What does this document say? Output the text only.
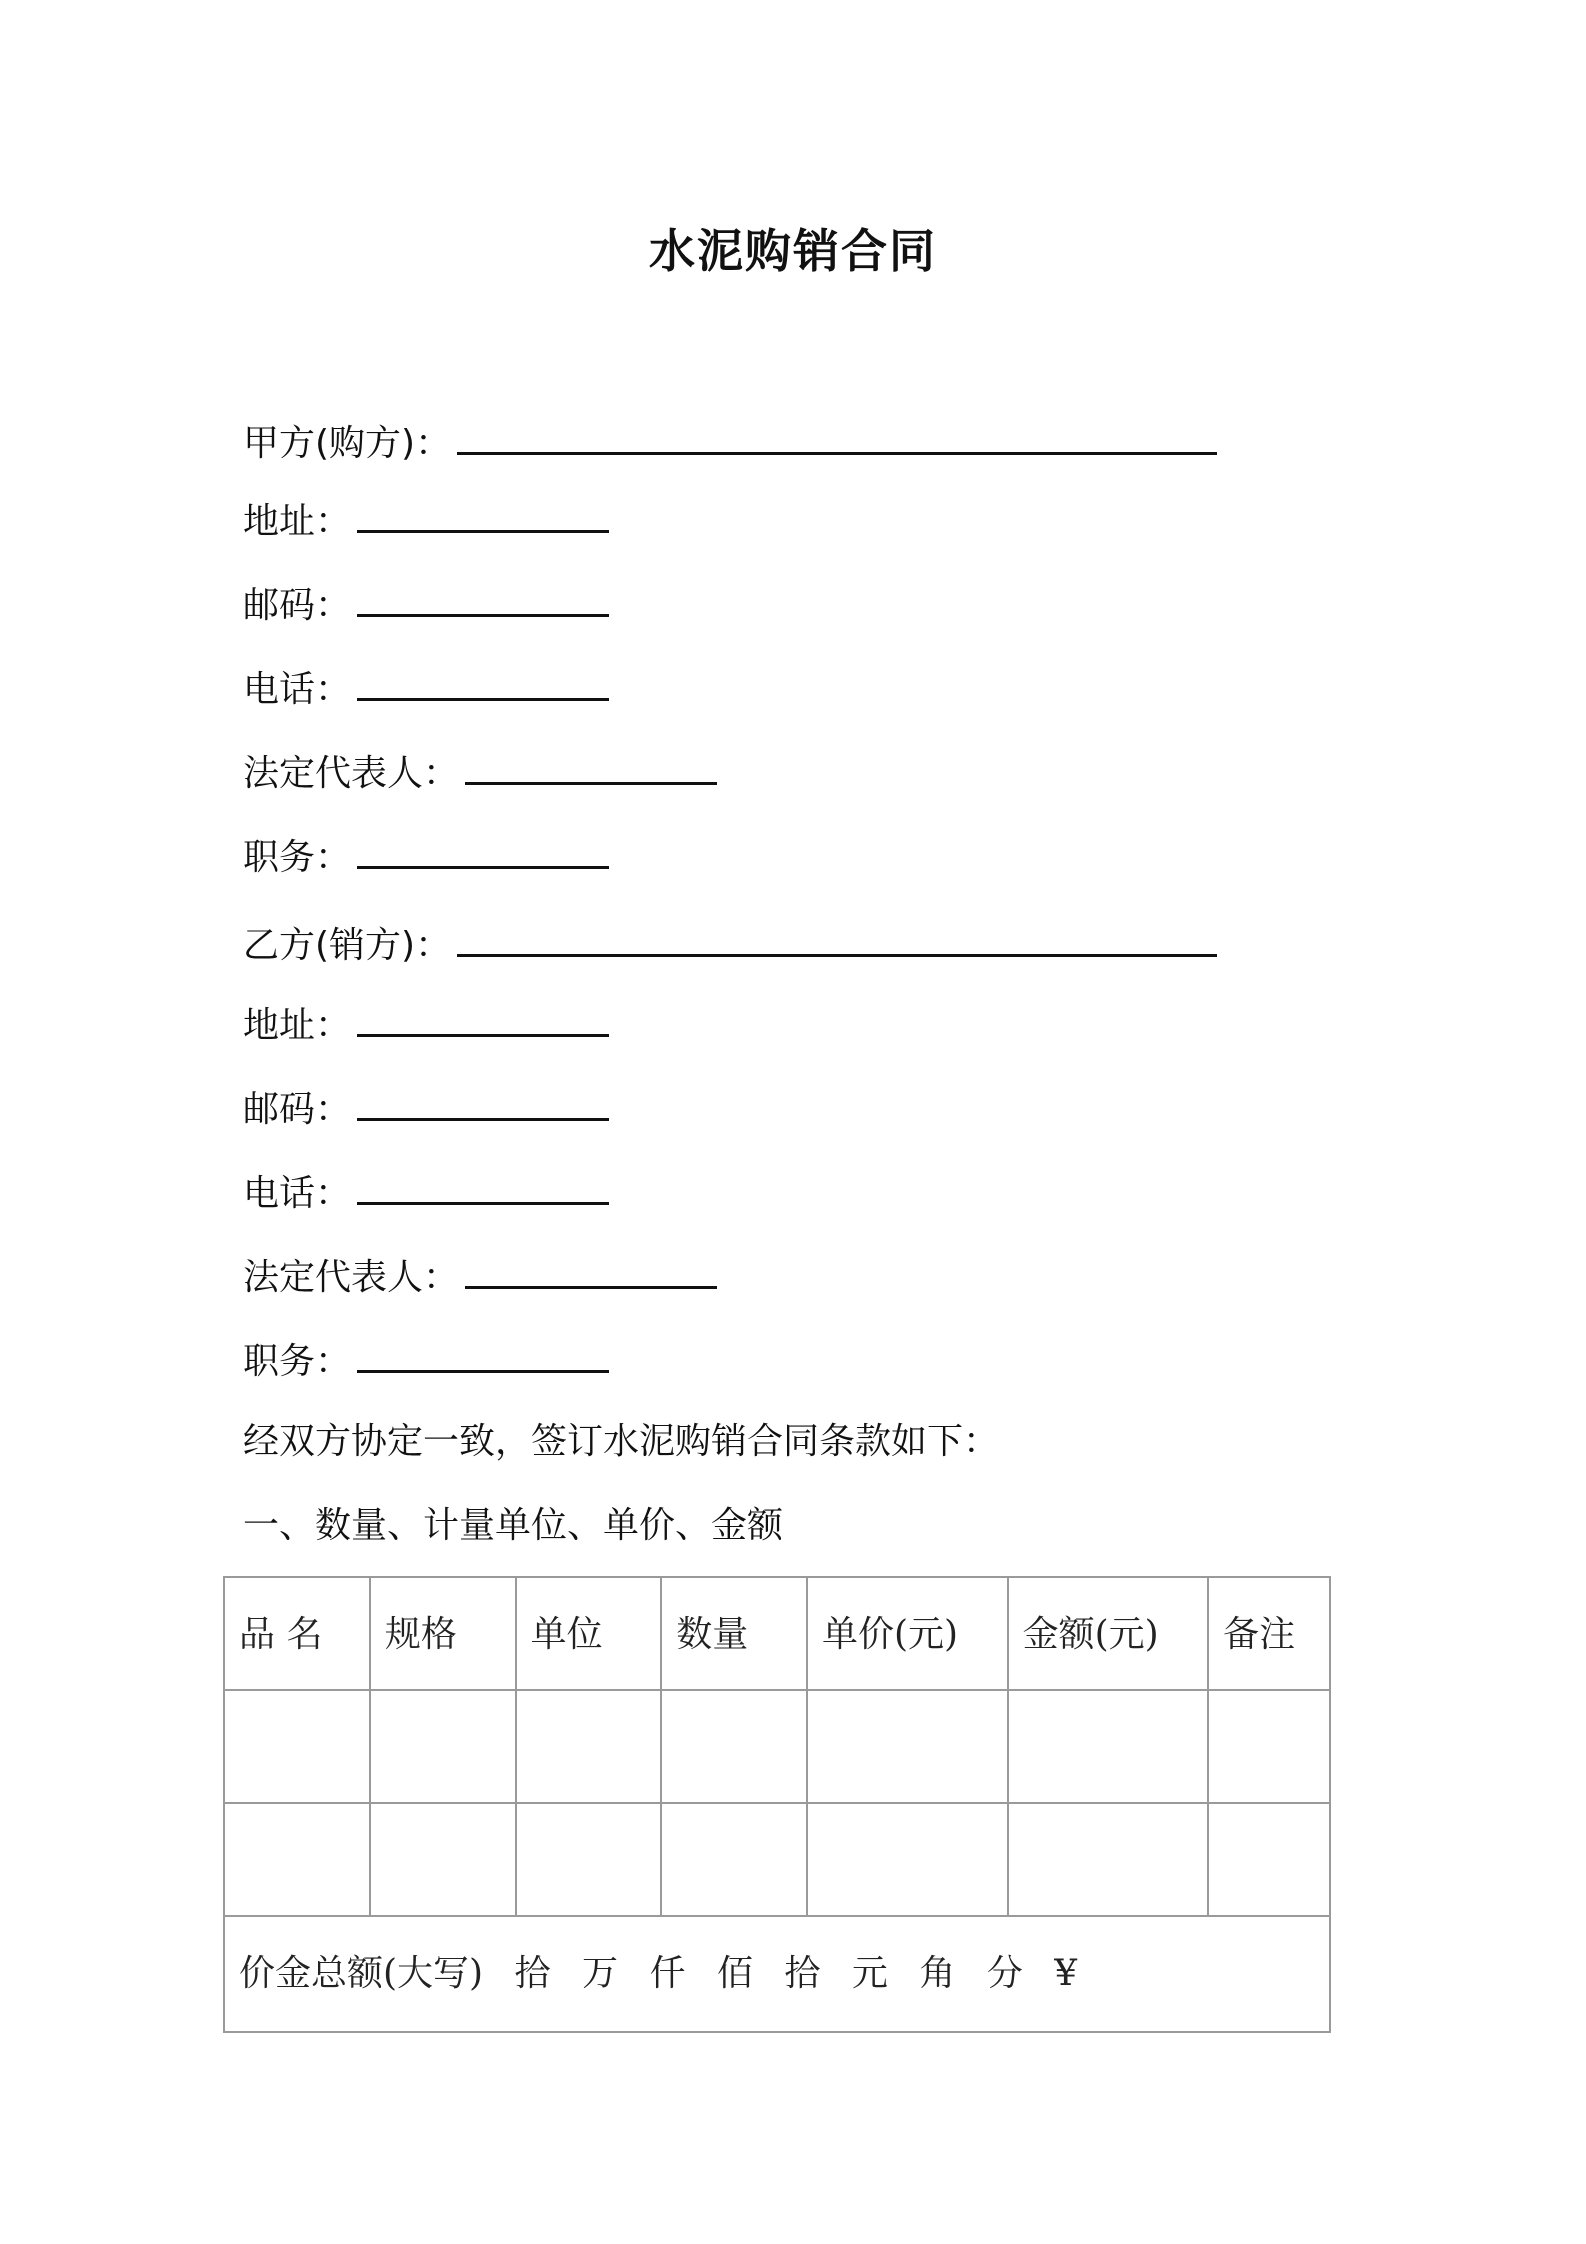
水泥购销合同
甲方(购方)：
地址：
邮码：
电话：
法定代表人：
职务：
乙方(销方)：
地址：
邮码：
电话：
法定代表人：
职务：
经双方协定一致，签订水泥购销合同条款如下：
一、数量、计量单位、单价、金额
品 名	规格	单位	数量	单价(元)	金额(元)	备注

价金总额(大写) 拾 万 仟 佰 拾 元 角 分 ¥						
